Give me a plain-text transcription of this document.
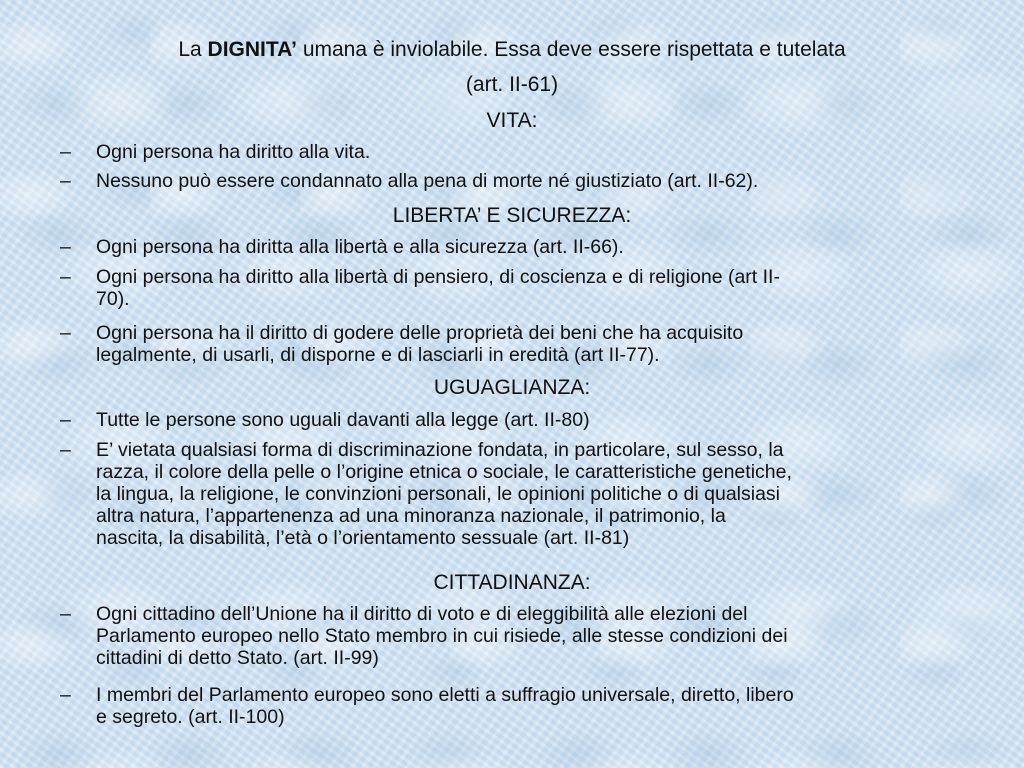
La DIGNITA’ umana è inviolabile. Essa deve essere rispettata e tutelata
(art. II-61)
VITA:
– Ogni persona ha diritto alla vita.
– Nessuno può essere condannato alla pena di morte né giustiziato (art. II-62).
LIBERTA’ E SICUREZZA:
– Ogni persona ha diritta alla libertà e alla sicurezza (art. II-66).
– Ogni persona ha diritto alla libertà di pensiero, di coscienza e di religione (art II-
70).
– Ogni persona ha il diritto di godere delle proprietà dei beni che ha acquisito
legalmente, di usarli, di disporne e di lasciarli in eredità (art II-77).
UGUAGLIANZA:
– Tutte le persone sono uguali davanti alla legge (art. II-80)
– E’ vietata qualsiasi forma di discriminazione fondata, in particolare, sul sesso, la
razza, il colore della pelle o l’origine etnica o sociale, le caratteristiche genetiche,
la lingua, la religione, le convinzioni personali, le opinioni politiche o di qualsiasi
altra natura, l’appartenenza ad una minoranza nazionale, il patrimonio, la
nascita, la disabilità, l’età o l’orientamento sessuale (art. II-81)
CITTADINANZA:
– Ogni cittadino dell’Unione ha il diritto di voto e di eleggibilità alle elezioni del
Parlamento europeo nello Stato membro in cui risiede, alle stesse condizioni dei
cittadini di detto Stato. (art. II-99)
– I membri del Parlamento europeo sono eletti a suffragio universale, diretto, libero
e segreto. (art. II-100)
